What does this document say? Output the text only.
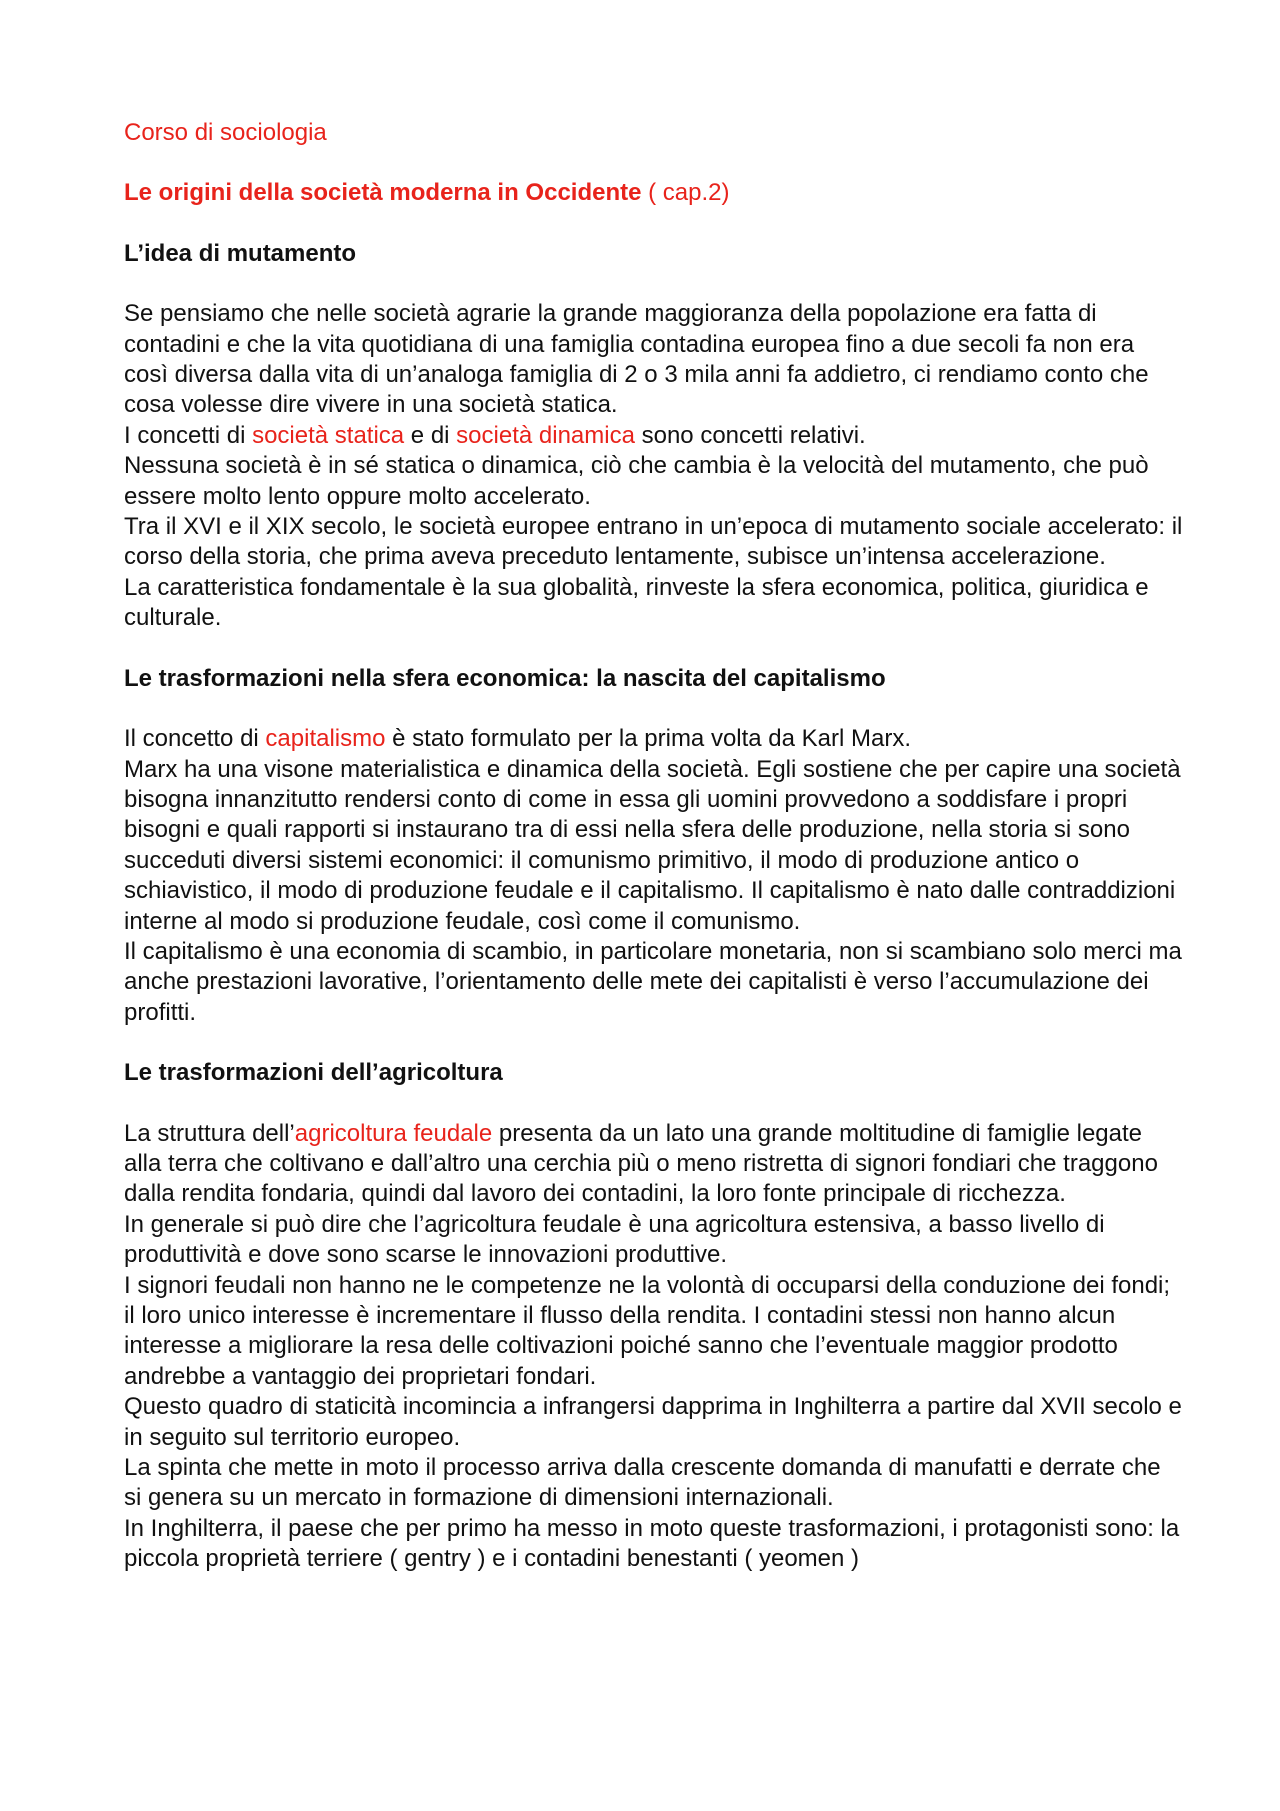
Corso di sociologia
Le origini della società moderna in Occidente ( cap.2)
L’idea di mutamento

Se pensiamo che nelle società agrarie la grande maggioranza della popolazione era fatta di contadini e che la vita quotidiana di una famiglia contadina europea fino a due secoli fa non era così diversa dalla vita di un’analoga famiglia di 2 o 3 mila anni fa addietro, ci rendiamo conto che cosa volesse dire vivere in una società statica.

I concetti di società statica e di società dinamica sono concetti relativi.

Nessuna società è in sé statica o dinamica, ciò che cambia è la velocità del mutamento, che può essere molto lento oppure molto accelerato.

Tra il XVI e il XIX secolo, le società europee entrano in un’epoca di mutamento sociale accelerato: il corso della storia, che prima aveva preceduto lentamente, subisce un’intensa accelerazione.

La caratteristica fondamentale è la sua globalità, rinveste la sfera economica, politica, giuridica e culturale.

Le trasformazioni nella sfera economica: la nascita del capitalismo

Il concetto di capitalismo è stato formulato per la prima volta da Karl Marx.

Marx ha una visone materialistica e dinamica della società. Egli sostiene che per capire una società bisogna innanzitutto rendersi conto di come in essa gli uomini provvedono a soddisfare i propri bisogni e quali rapporti si instaurano tra di essi nella sfera delle produzione, nella storia si sono succeduti diversi sistemi economici: il comunismo primitivo, il modo di produzione antico o schiavistico, il modo di produzione feudale e il capitalismo. Il capitalismo è nato dalle contraddizioni interne al modo si produzione feudale, così come il comunismo.

Il capitalismo è una economia di scambio, in particolare monetaria, non si scambiano solo merci ma anche prestazioni lavorative, l’orientamento delle mete dei capitalisti è verso l’accumulazione dei profitti.

Le trasformazioni dell’agricoltura

La struttura dell’agricoltura feudale presenta da un lato una grande moltitudine di famiglie legate alla terra che coltivano e dall’altro una cerchia più o meno ristretta di signori fondiari che traggono dalla rendita fondaria, quindi dal lavoro dei contadini, la loro fonte principale di ricchezza.

In generale si può dire che l’agricoltura feudale è una agricoltura estensiva, a basso livello di produttività e dove sono scarse le innovazioni produttive.

I signori feudali non hanno ne le competenze ne la volontà di occuparsi della conduzione dei fondi; il loro unico interesse è incrementare il flusso della rendita. I contadini stessi non hanno alcun interesse a migliorare la resa delle coltivazioni poiché sanno che l’eventuale maggior prodotto andrebbe a vantaggio dei proprietari fondari.

Questo quadro di staticità incomincia a infrangersi dapprima in Inghilterra a partire dal XVII secolo e in seguito sul territorio europeo.

La spinta che mette in moto il processo arriva dalla crescente domanda di manufatti e derrate che si genera su un mercato in formazione di dimensioni internazionali.

In Inghilterra, il paese che per primo ha messo in moto queste trasformazioni, i protagonisti sono: la piccola proprietà terriere ( gentry ) e i contadini benestanti ( yeomen )
